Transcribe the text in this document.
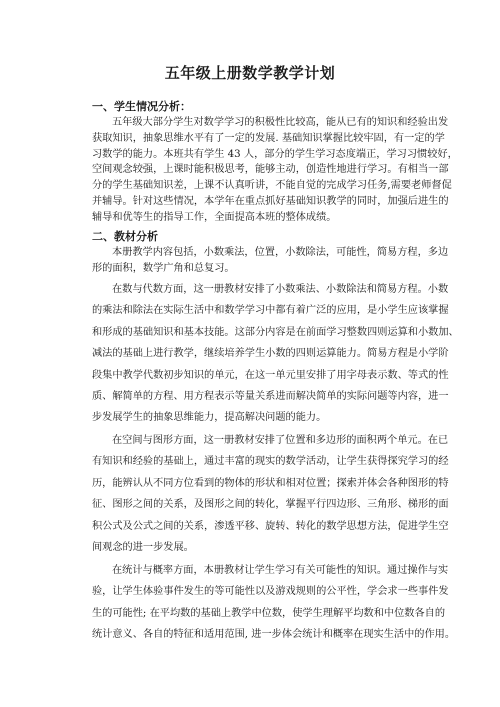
五年级上册数学教学计划
一、学生情况分析：
五年级大部分学生对数学学习的积极性比较高，能从已有的知识和经验出发
获取知识，抽象思维水平有了一定的发展. 基础知识掌握比较牢固，有一定的学
习数学的能力。本班共有学生 43 人，部分的学生学习态度端正，学习习惯较好，
空间观念较强，上课时能积极思考，能够主动，创造性地进行学习。有相当一部
分的学生基础知识差，上课不认真听讲，不能自觉的完成学习任务,需要老师督促
并辅导。针对这些情况，本学年在重点抓好基础知识教学的同时，加强后进生的
辅导和优等生的指导工作，全面提高本班的整体成绩。
二、教材分析
本册教学内容包括，小数乘法，位置，小数除法，可能性，简易方程，多边
形的面积，数学广角和总复习。
在数与代数方面，这一册教材安排了小数乘法、小数除法和简易方程。小数
的乘法和除法在实际生活中和数学学习中都有着广泛的应用，是小学生应该掌握
和形成的基础知识和基本技能。这部分内容是在前面学习整数四则运算和小数加、
减法的基础上进行教学，继续培养学生小数的四则运算能力。简易方程是小学阶
段集中教学代数初步知识的单元，在这一单元里安排了用字母表示数、等式的性
质、解简单的方程、用方程表示等量关系进而解决简单的实际问题等内容，进一
步发展学生的抽象思维能力，提高解决问题的能力。
在空间与图形方面，这一册教材安排了位置和多边形的面积两个单元。在已
有知识和经验的基础上，通过丰富的现实的数学活动，让学生获得探究学习的经
历，能辨认从不同方位看到的物体的形状和相对位置；探索并体会各种图形的特
征、图形之间的关系，及图形之间的转化，掌握平行四边形、三角形、梯形的面
积公式及公式之间的关系，渗透平移、旋转、转化的数学思想方法，促进学生空
间观念的进一步发展。
在统计与概率方面，本册教材让学生学习有关可能性的知识。通过操作与实
验，让学生体验事件发生的等可能性以及游戏规则的公平性，学会求一些事件发
生的可能性; 在平均数的基础上教学中位数，使学生理解平均数和中位数各自的
统计意义、各自的特征和适用范围, 进一步体会统计和概率在现实生活中的作用。
